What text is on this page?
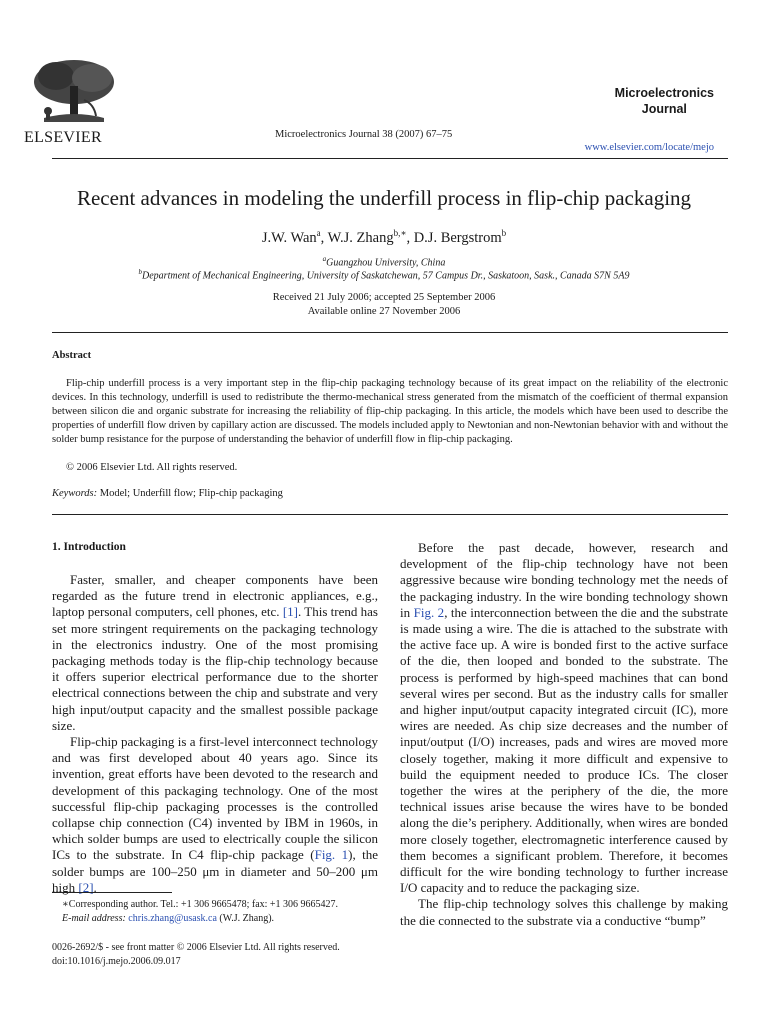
ELSEVIER	Microelectronics Journal 38 (2007) 67–75
Microelectronics
Journal
www.elsevier.com/locate/mejo
Recent advances in modeling the underfill process in flip-chip packaging
J.W. Wan$^a$, W.J. Zhang$^{b,∗}$, D.J. Bergstrom$^b$
$^a$Guangzhou University, China
$^b$Department of Mechanical Engineering, University of Saskatchewan, 57 Campus Dr., Saskatoon, Sask., Canada S7N 5A9
Received 21 July 2006; accepted 25 September 2006
Available online 27 November 2006
Abstract
Flip-chip underfill process is a very important step in the flip-chip packaging technology because of its great impact on the reliability of the electronic devices. In this technology, underfill is used to redistribute the thermo-mechanical stress generated from the mismatch of the coefficient of thermal expansion between silicon die and organic substrate for increasing the reliability of flip-chip packaging. In this article, the models which have been used to describe the properties of underfill flow driven by capillary action are discussed. The models included apply to Newtonian and non-Newtonian behavior with and without the solder bump resistance for the purpose of understanding the behavior of underfill flow in flip-chip packaging.
© 2006 Elsevier Ltd. All rights reserved.
Keywords: Model; Underfill flow; Flip-chip packaging
1. Introduction

Faster, smaller, and cheaper components have been regarded as the future trend in electronic appliances, e.g., laptop personal computers, cell phones, etc. [1]. This trend has set more stringent requirements on the packaging technology in the electronics industry. One of the most promising packaging methods today is the flip-chip technology because it offers superior electrical performance due to the shorter electrical connections between the chip and substrate and very high input/output capacity and the smallest possible package size.

Flip-chip packaging is a first-level interconnect technology and was first developed about 40 years ago. Since its invention, great efforts have been devoted to the research and development of this packaging technology. One of the most successful flip-chip packaging processes is the controlled collapse chip connection (C4) invented by IBM in 1960s, in which solder bumps are used to electrically couple the silicon ICs to the substrate. In C4 flip-chip package (Fig. 1), the solder bumps are 100–250 μm in diameter and 50–200 μm high [2].

∗Corresponding author. Tel.: +1 306 9665478; fax: +1 306 9665427.
E-mail address: chris.zhang@usask.ca (W.J. Zhang).
0026-2692/$ - see front matter © 2006 Elsevier Ltd. All rights reserved.
doi:10.1016/j.mejo.2006.09.017

Before the past decade, however, research and development of the flip-chip technology have not been aggressive because wire bonding technology met the needs of the packaging industry. In the wire bonding technology shown in Fig. 2, the interconnection between the die and the substrate is made using a wire. The die is attached to the substrate with the active face up. A wire is bonded first to the active surface of the die, then looped and bonded to the substrate. The process is performed by high-speed machines that can bond several wires per second. But as the industry calls for smaller and higher input/output capacity integrated circuit (IC), more wires are needed. As chip size decreases and the number of input/output (I/O) increases, pads and wires are moved more closely together, making it more difficult and expensive to build the equipment needed to produce ICs. The closer together the wires at the periphery of the die, the more technical issues arise because the wires have to be bonded along the die’s periphery. Additionally, when wires are bonded more closely together, electromagnetic interference caused by them becomes a significant problem. Therefore, it becomes difficult for the wire bonding technology to further increase I/O capacity and to reduce the packaging size.

The flip-chip technology solves this challenge by making the die connected to the substrate via a conductive “bump”
